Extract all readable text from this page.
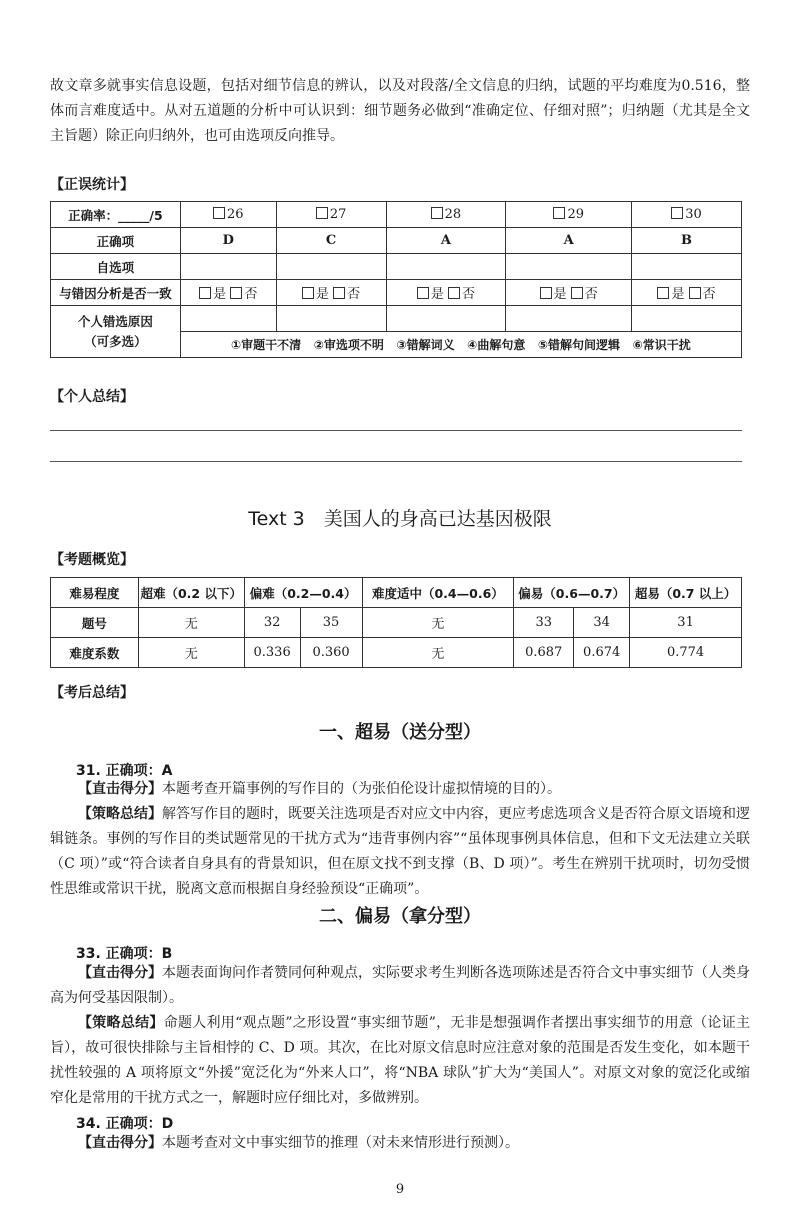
故文章多就事实信息设题，包括对细节信息的辨认，以及对段落/全文信息的归纳，试题的平均难度为0.516，整体而言难度适中。从对五道题的分析中可认识到：细节题务必做到“准确定位、仔细对照”；归纳题（尤其是全文主旨题）除正向归纳外，也可由选项反向推导。
【正误统计】
正确率：_____/5	26	27	28	29	30
正确项	D	C	A	A	B
自选项					
与错因分析是否一致	是 否	是 否	是 否	是 否	是 否

个人错选原因
（可多选）					

	①审题干不清 ②审选项不明 ③错解词义 ④曲解句意 ⑤错解句间逻辑 ⑥常识干扰				
【个人总结】
Text 3　美国人的身高已达基因极限
【考题概览】
难易程度	超难（0.2 以下）	偏难（0.2—0.4）		难度适中（0.4—0.6）	偏易（0.6—0.7）		超易（0.7 以上）
题号	无	32	35	无	33	34	31
难度系数	无	0.336	0.360	无	0.687	0.674	0.774
【考后总结】
一、超易（送分型）
31. 正确项：A
【直击得分】本题考查开篇事例的写作目的（为张伯伦设计虚拟情境的目的）。
【策略总结】解答写作目的题时，既要关注选项是否对应文中内容，更应考虑选项含义是否符合原文语境和逻辑链条。事例的写作目的类试题常见的干扰方式为“违背事例内容”“虽体现事例具体信息，但和下文无法建立关联（C 项）”或“符合读者自身具有的背景知识，但在原文找不到支撑（B、D 项）”。考生在辨别干扰项时，切勿受惯性思维或常识干扰，脱离文意而根据自身经验预设“正确项”。
二、偏易（拿分型）
33. 正确项：B
【直击得分】本题表面询问作者赞同何种观点，实际要求考生判断各选项陈述是否符合文中事实细节（人类身高为何受基因限制）。
【策略总结】命题人利用“观点题”之形设置“事实细节题”，无非是想强调作者摆出事实细节的用意（论证主旨），故可很快排除与主旨相悖的 C、D 项。其次，在比对原文信息时应注意对象的范围是否发生变化，如本题干扰性较强的 A 项将原文“外援”宽泛化为“外来人口”，将“NBA 球队”扩大为“美国人”。对原文对象的宽泛化或缩窄化是常用的干扰方式之一，解题时应仔细比对，多做辨别。
34. 正确项：D
【直击得分】本题考查对文中事实细节的推理（对未来情形进行预测）。
9
